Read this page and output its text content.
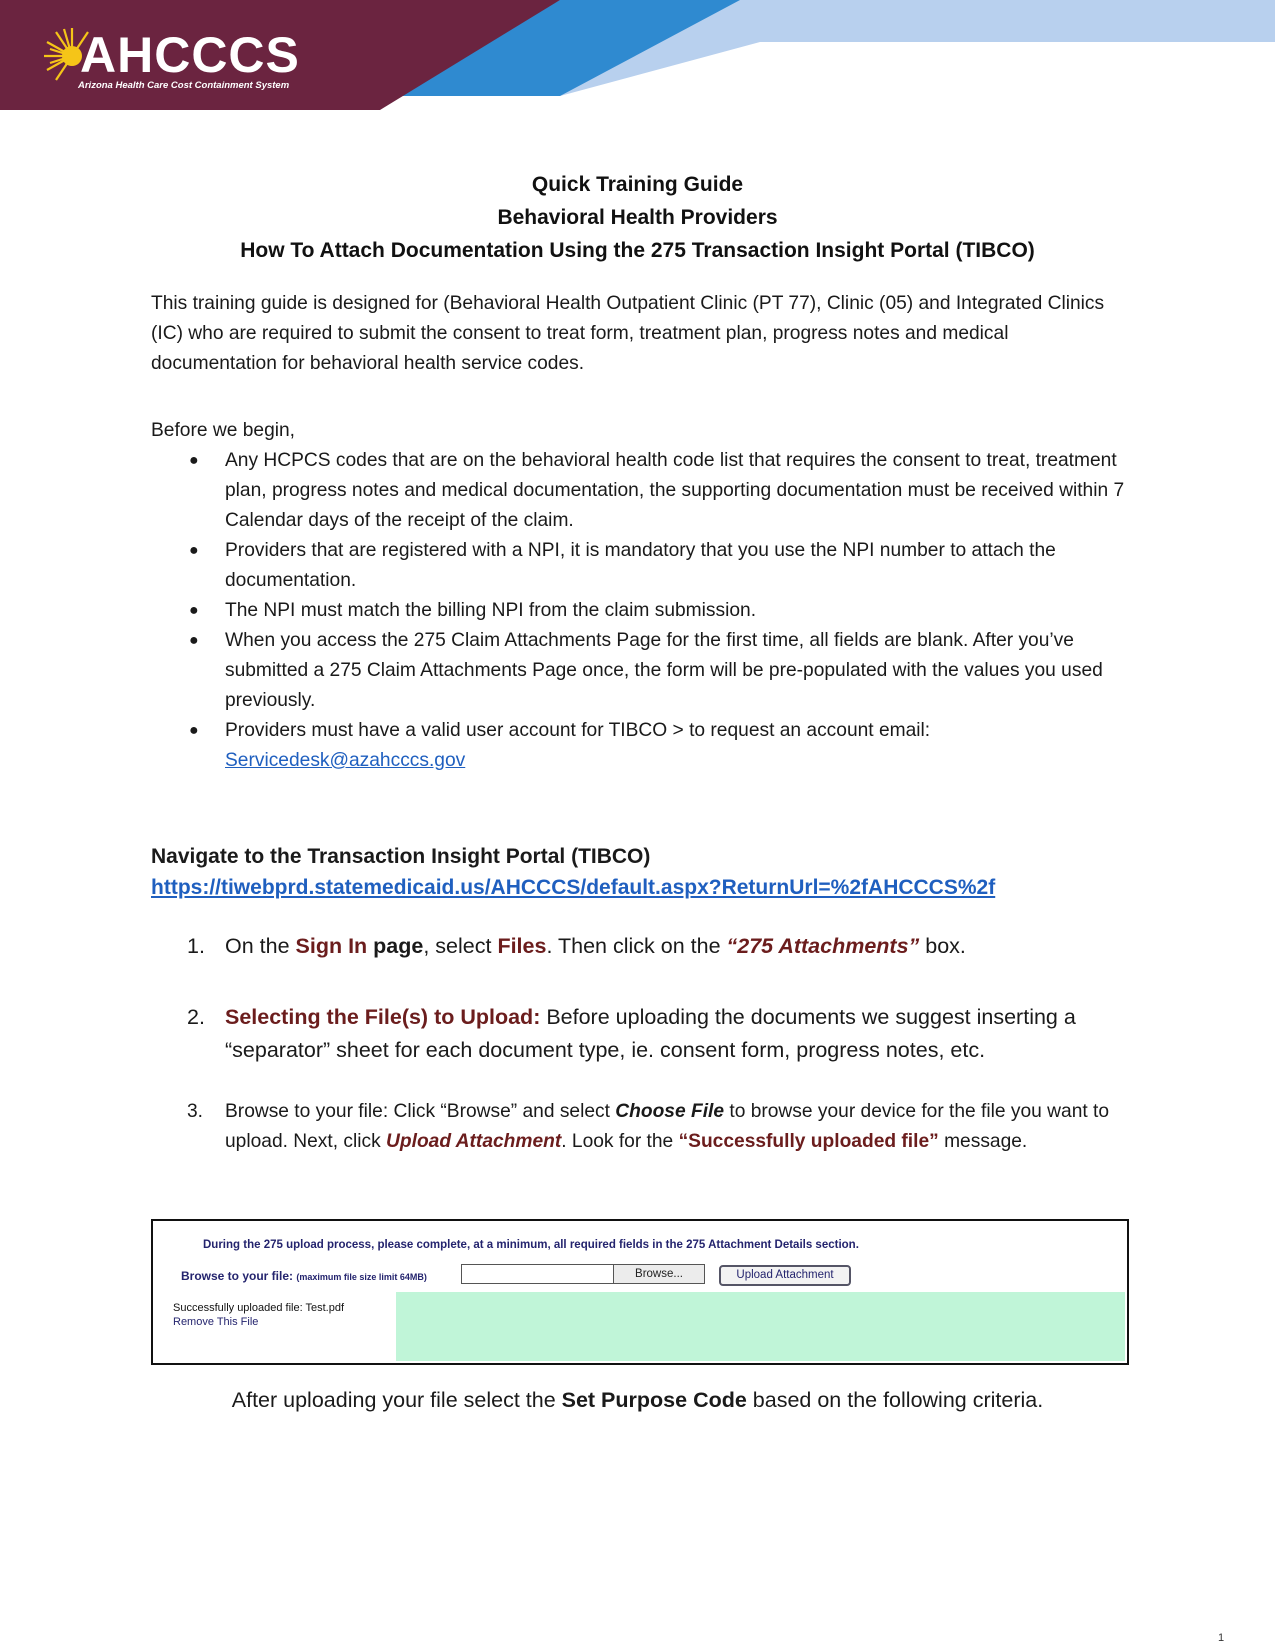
AHCCCS
Arizona Health Care Cost Containment System
Quick Training Guide
Behavioral Health Providers
How To Attach Documentation Using the 275 Transaction Insight Portal (TIBCO)
This training guide is designed for (Behavioral Health Outpatient Clinic (PT 77), Clinic (05) and Integrated Clinics (IC) who are required to submit the consent to treat form, treatment plan, progress notes and medical documentation for behavioral health service codes.
Before we begin,
● Any HCPCS codes that are on the behavioral health code list that requires the consent to treat, treatment plan, progress notes and medical documentation, the supporting documentation must be received within 7 Calendar days of the receipt of the claim.
● Providers that are registered with a NPI, it is mandatory that you use the NPI number to attach the documentation.
● The NPI must match the billing NPI from the claim submission.
● When you access the 275 Claim Attachments Page for the first time, all fields are blank. After you’ve submitted a 275 Claim Attachments Page once, the form will be pre-populated with the values you used previously.
● Providers must have a valid user account for TIBCO > to request an account email:
Servicedesk@azahcccs.gov
Navigate to the Transaction Insight Portal (TIBCO)
https://tiwebprd.statemedicaid.us/AHCCCS/default.aspx?ReturnUrl=%2fAHCCCS%2f
1. On the Sign In page, select Files. Then click on the “275 Attachments” box.
2. Selecting the File(s) to Upload: Before uploading the documents we suggest inserting a “separator” sheet for each document type, ie. consent form, progress notes, etc.
3. Browse to your file: Click “Browse” and select Choose File to browse your device for the file you want to upload. Next, click Upload Attachment. Look for the “Successfully uploaded file” message.
During the 275 upload process, please complete, at a minimum, all required fields in the 275 Attachment Details section.
Browse to your file: (maximum file size limit 64MB)	Browse...	Upload Attachment
Successfully uploaded file: Test.pdf
Remove This File
After uploading your file select the Set Purpose Code based on the following criteria.
1
